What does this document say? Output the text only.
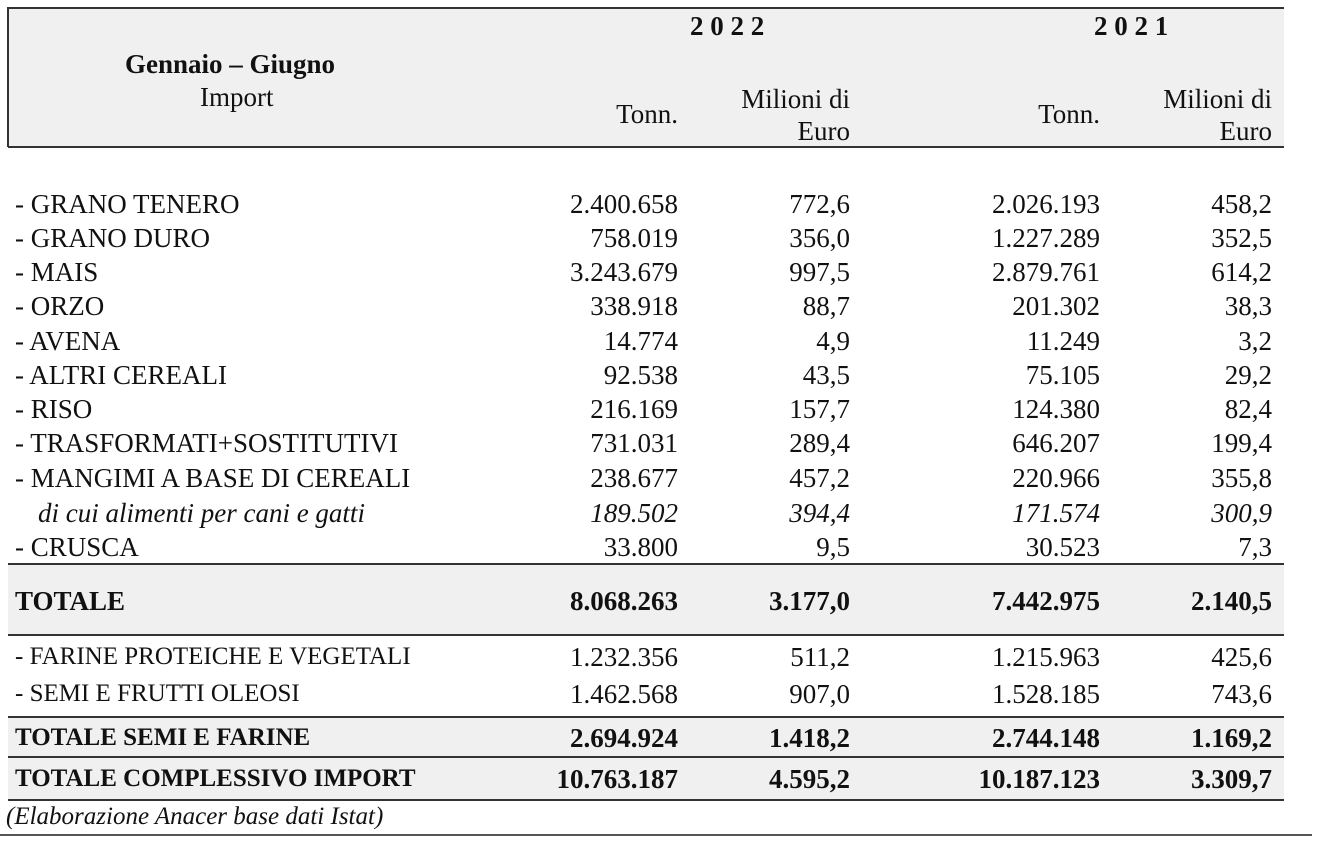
Gennaio – Giugno
Import
2 0 2 2	2 0 2 1
Tonn.	Milioni di
Euro
Tonn.	Milioni di
Euro
- GRANO TENERO	2.400.658	772,6	2.026.193	458,2
- GRANO DURO	758.019	356,0	1.227.289	352,5
- MAIS	3.243.679	997,5	2.879.761	614,2
- ORZO	338.918	88,7	201.302	38,3
- AVENA	14.774	4,9	11.249	3,2
- ALTRI CEREALI	92.538	43,5	75.105	29,2
- RISO	216.169	157,7	124.380	82,4
- TRASFORMATI+SOSTITUTIVI	731.031	289,4	646.207	199,4
- MANGIMI A BASE DI CEREALI	238.677	457,2	220.966	355,8
di cui alimenti per cani e gatti	189.502	394,4	171.574	300,9
- CRUSCA	33.800	9,5	30.523	7,3
TOTALE	8.068.263	3.177,0	7.442.975	2.140,5
- FARINE PROTEICHE E VEGETALI	1.232.356	511,2	1.215.963	425,6
- SEMI E FRUTTI OLEOSI	1.462.568	907,0	1.528.185	743,6
TOTALE SEMI E FARINE	2.694.924	1.418,2	2.744.148	1.169,2
TOTALE COMPLESSIVO IMPORT	10.763.187	4.595,2	10.187.123	3.309,7
(Elaborazione Anacer base dati Istat)
